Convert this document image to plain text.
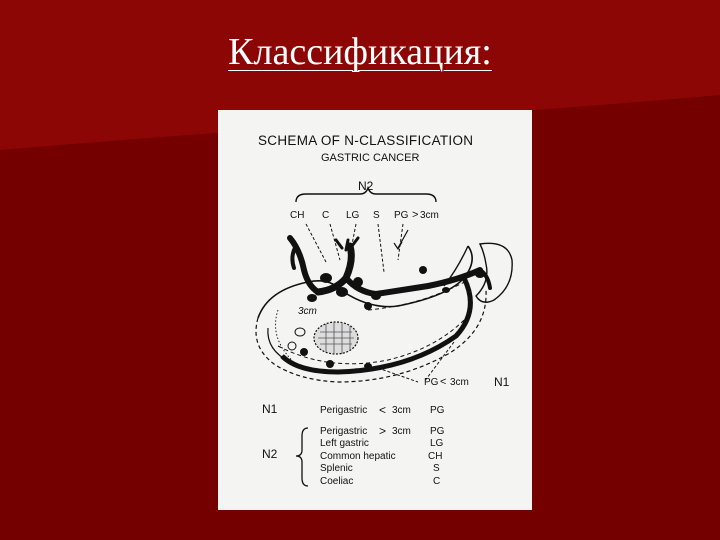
Классификация:
SCHEMA OF N-CLASSIFICATION
GASTRIC CANCER
N2
CH C LG S PG > 3cm
3cm
PG < 3cm N1
N1	Perigastric < 3cm PG
N2
Perigastric > 3cm PG
Left gastric	LG
Common hepatic	CH
Splenic	S
Coeliac	C
